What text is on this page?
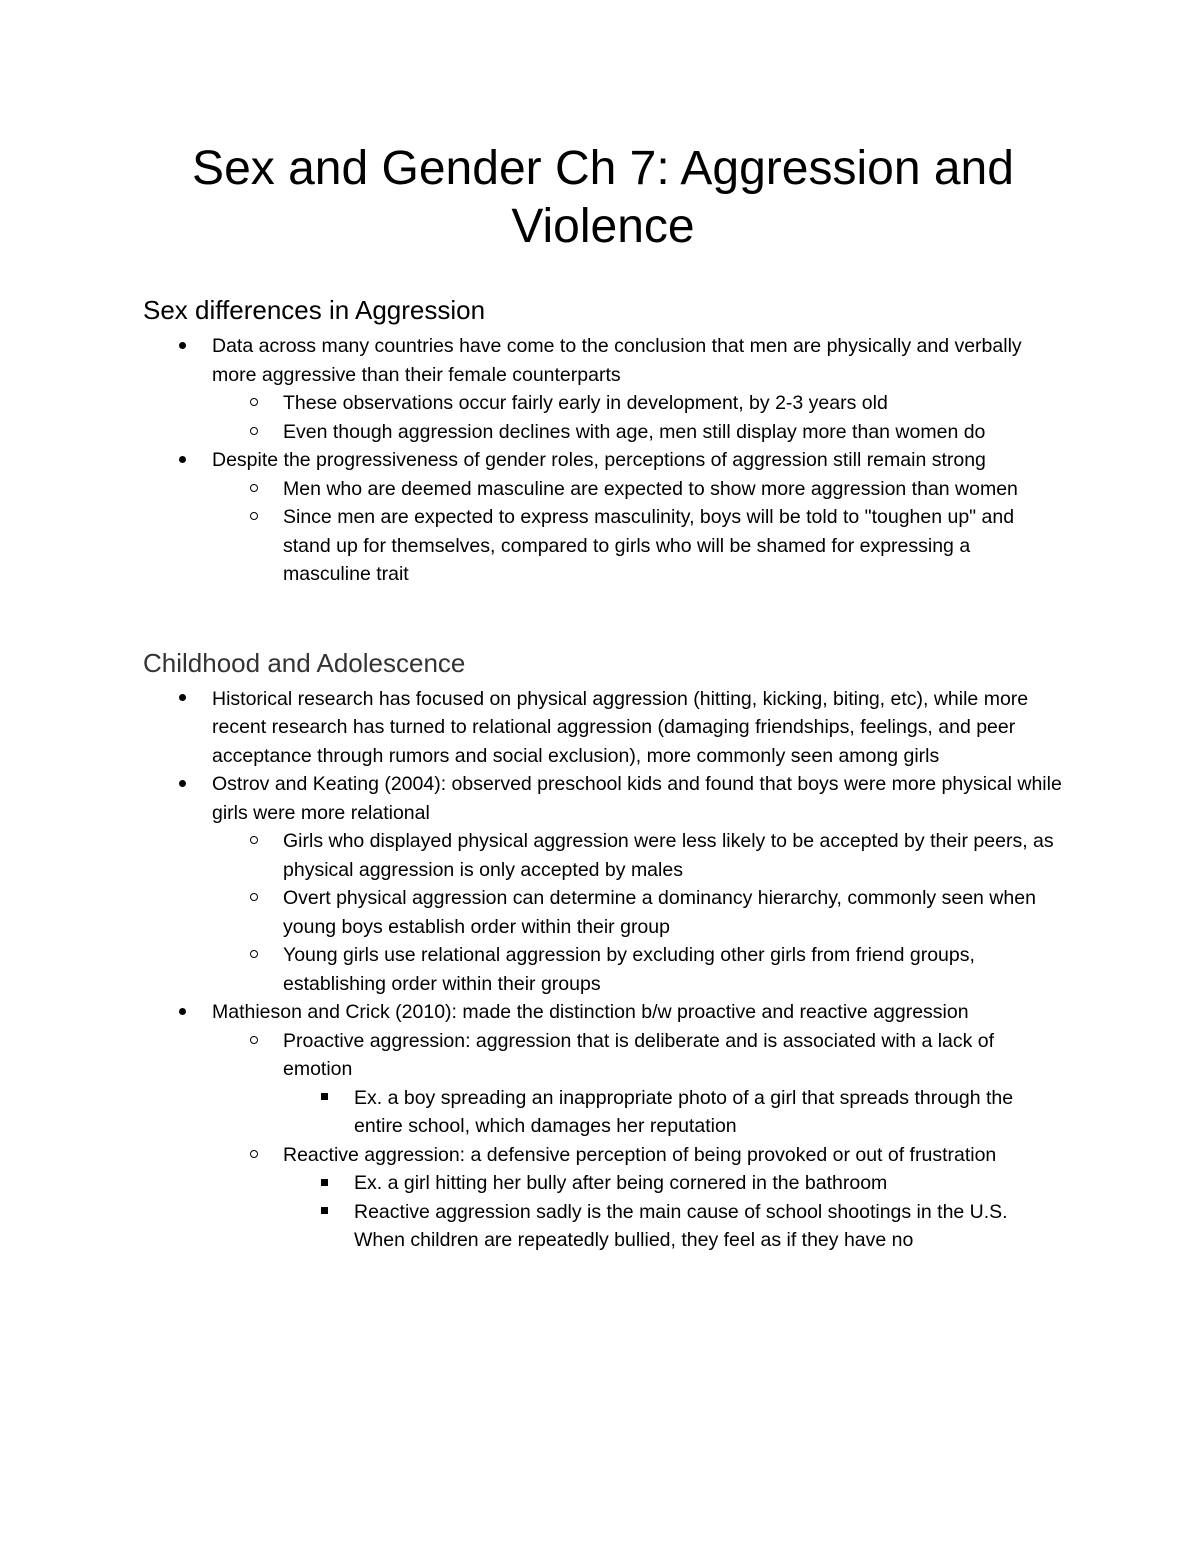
Sex and Gender Ch 7: Aggression and Violence
Sex differences in Aggression
Data across many countries have come to the conclusion that men are physically and verbally more aggressive than their female counterparts
These observations occur fairly early in development, by 2-3 years old
Even though aggression declines with age, men still display more than women do
Despite the progressiveness of gender roles, perceptions of aggression still remain strong
Men who are deemed masculine are expected to show more aggression than women
Since men are expected to express masculinity, boys will be told to "toughen up" and stand up for themselves, compared to girls who will be shamed for expressing a masculine trait
Childhood and Adolescence
Historical research has focused on physical aggression (hitting, kicking, biting, etc), while more recent research has turned to relational aggression (damaging friendships, feelings, and peer acceptance through rumors and social exclusion), more commonly seen among girls
Ostrov and Keating (2004): observed preschool kids and found that boys were more physical while girls were more relational
Girls who displayed physical aggression were less likely to be accepted by their peers, as physical aggression is only accepted by males
Overt physical aggression can determine a dominancy hierarchy, commonly seen when young boys establish order within their group
Young girls use relational aggression by excluding other girls from friend groups, establishing order within their groups
Mathieson and Crick (2010): made the distinction b/w proactive and reactive aggression
Proactive aggression: aggression that is deliberate and is associated with a lack of emotion
Ex. a boy spreading an inappropriate photo of a girl that spreads through the entire school, which damages her reputation
Reactive aggression: a defensive perception of being provoked or out of frustration
Ex. a girl hitting her bully after being cornered in the bathroom
Reactive aggression sadly is the main cause of school shootings in the U.S. When children are repeatedly bullied, they feel as if they have no
